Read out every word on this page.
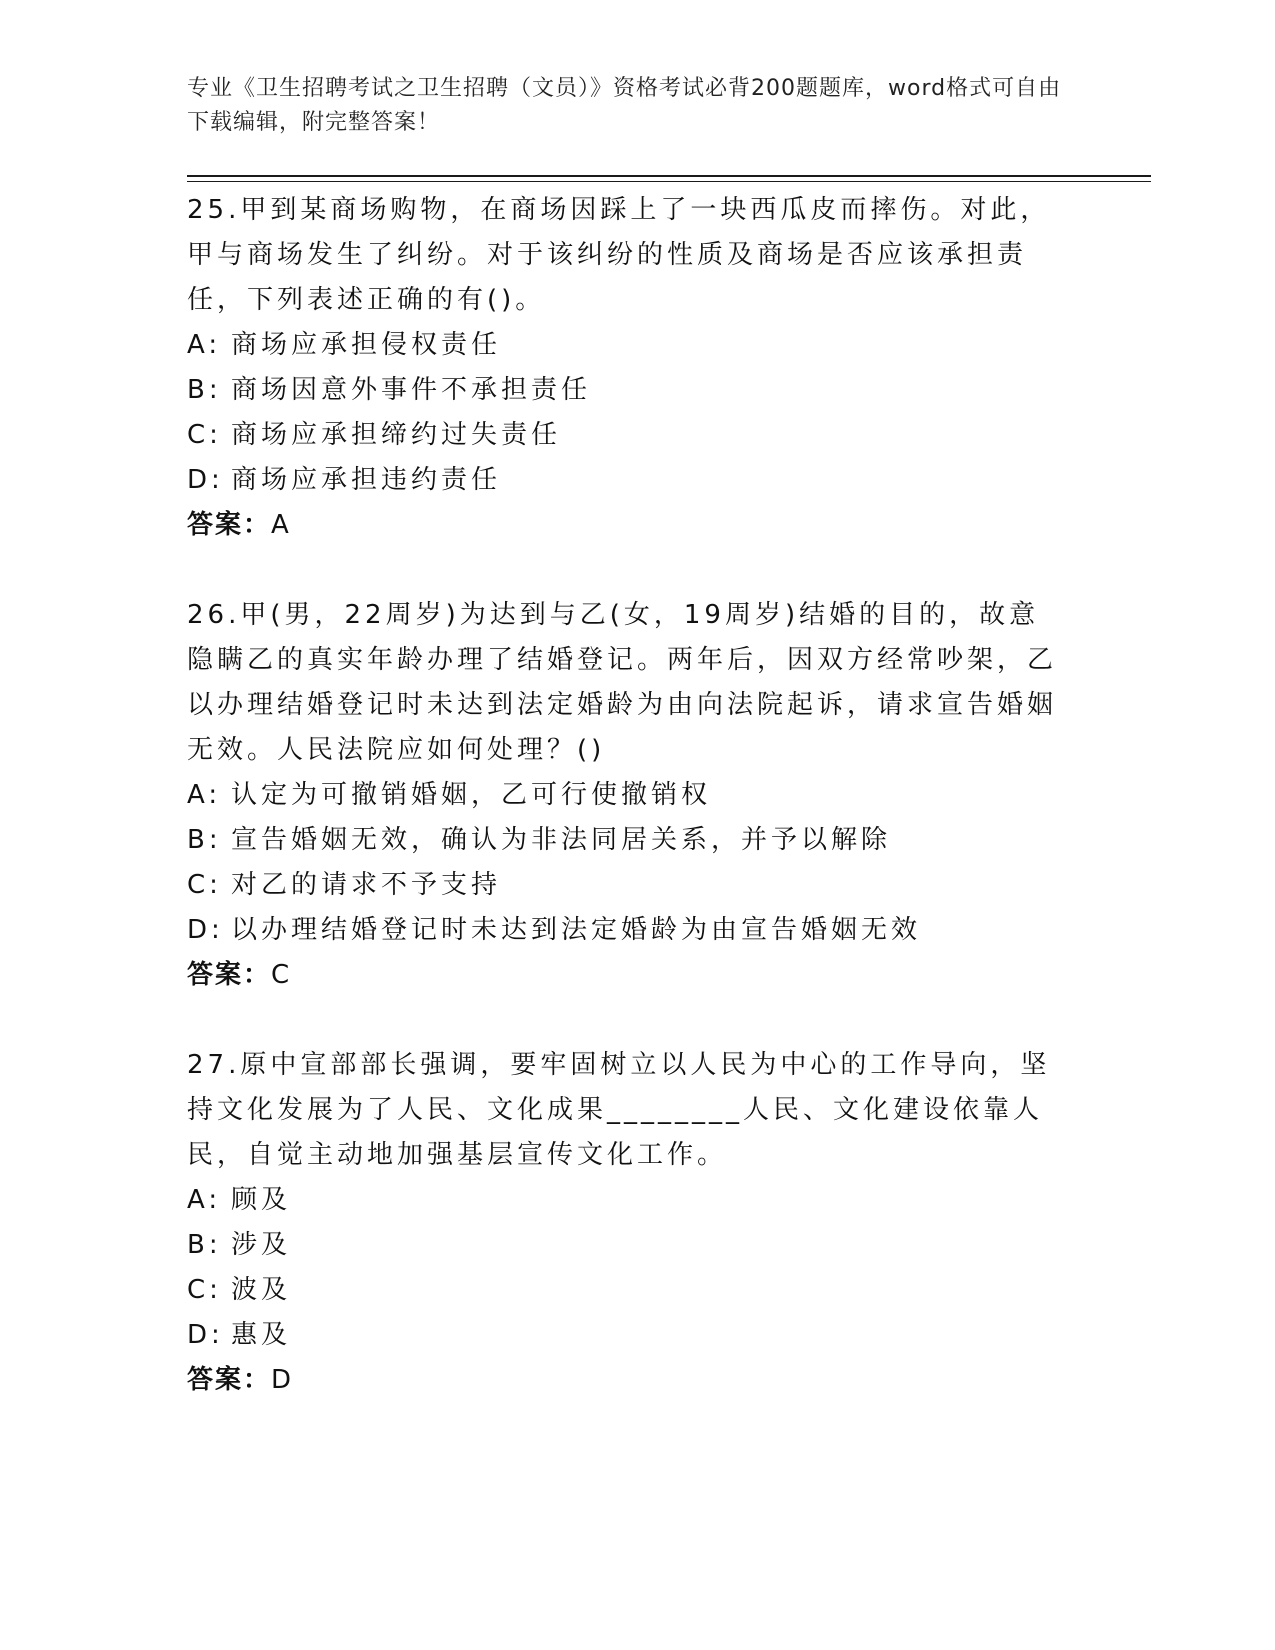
专业《卫生招聘考试之卫生招聘（文员）》资格考试必背200题题库，word格式可自由下载编辑，附完整答案！

25.甲到某商场购物，在商场因踩上了一块西瓜皮而摔伤。对此，甲与商场发生了纠纷。对于该纠纷的性质及商场是否应该承担责任，下列表述正确的有()。

A: 商场应承担侵权责任

B: 商场因意外事件不承担责任

C: 商场应承担缔约过失责任

D: 商场应承担违约责任

答案：A

26.甲(男，22周岁)为达到与乙(女，19周岁)结婚的目的，故意隐瞒乙的真实年龄办理了结婚登记。两年后，因双方经常吵架，乙以办理结婚登记时未达到法定婚龄为由向法院起诉，请求宣告婚姻无效。人民法院应如何处理？()

A: 认定为可撤销婚姻，乙可行使撤销权

B: 宣告婚姻无效，确认为非法同居关系，并予以解除

C: 对乙的请求不予支持

D: 以办理结婚登记时未达到法定婚龄为由宣告婚姻无效

答案：C

27.原中宣部部长强调，要牢固树立以人民为中心的工作导向，坚持文化发展为了人民、文化成果________人民、文化建设依靠人民，自觉主动地加强基层宣传文化工作。

A: 顾及

B: 涉及

C: 波及

D: 惠及

答案：D
